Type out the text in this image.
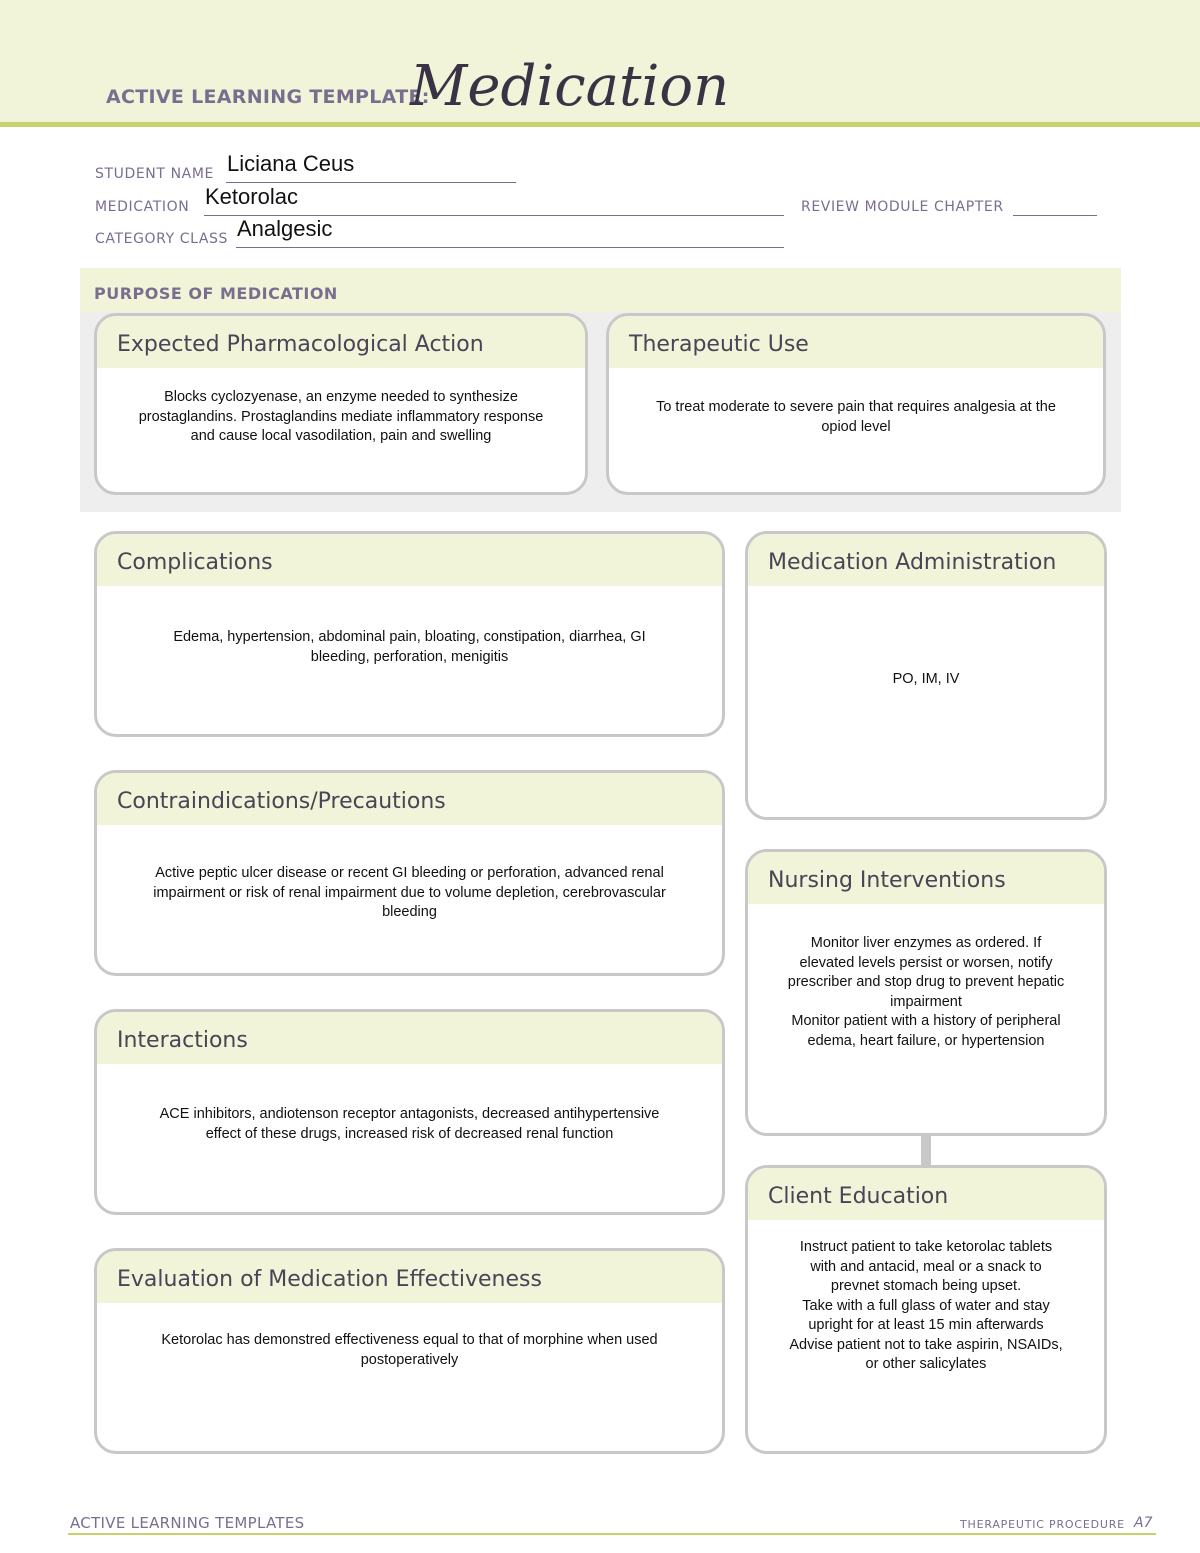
ACTIVE LEARNING TEMPLATE:
Medication
STUDENT NAME Liciana Ceus
MEDICATION Ketorolac	REVIEW MODULE CHAPTER
CATEGORY CLASS Analgesic
PURPOSE OF MEDICATION
Expected Pharmacological Action
Blocks cyclozyenase, an enzyme needed to synthesize
prostaglandins. Prostaglandins mediate inflammatory response
and cause local vasodilation, pain and swelling
Therapeutic Use
To treat moderate to severe pain that requires analgesia at the
opiod level
Complications
Edema, hypertension, abdominal pain, bloating, constipation, diarrhea, GI
bleeding, perforation, menigitis
Contraindications/Precautions
Active peptic ulcer disease or recent GI bleeding or perforation, advanced renal
impairment or risk of renal impairment due to volume depletion, cerebrovascular
bleeding
Interactions
ACE inhibitors, andiotenson receptor antagonists, decreased antihypertensive
effect of these drugs, increased risk of decreased renal function
Evaluation of Medication Effectiveness
Ketorolac has demonstred effectiveness equal to that of morphine when used
postoperatively
Medication Administration
PO, IM, IV
Nursing Interventions
Monitor liver enzymes as ordered. If
elevated levels persist or worsen, notify
prescriber and stop drug to prevent hepatic
impairment
Monitor patient with a history of peripheral
edema, heart failure, or hypertension
Client Education
Instruct patient to take ketorolac tablets
with and antacid, meal or a snack to
prevnet stomach being upset.
Take with a full glass of water and stay
upright for at least 15 min afterwards
Advise patient not to take aspirin, NSAIDs,
or other salicylates
ACTIVE LEARNING TEMPLATES	THERAPEUTIC PROCEDURE A7
